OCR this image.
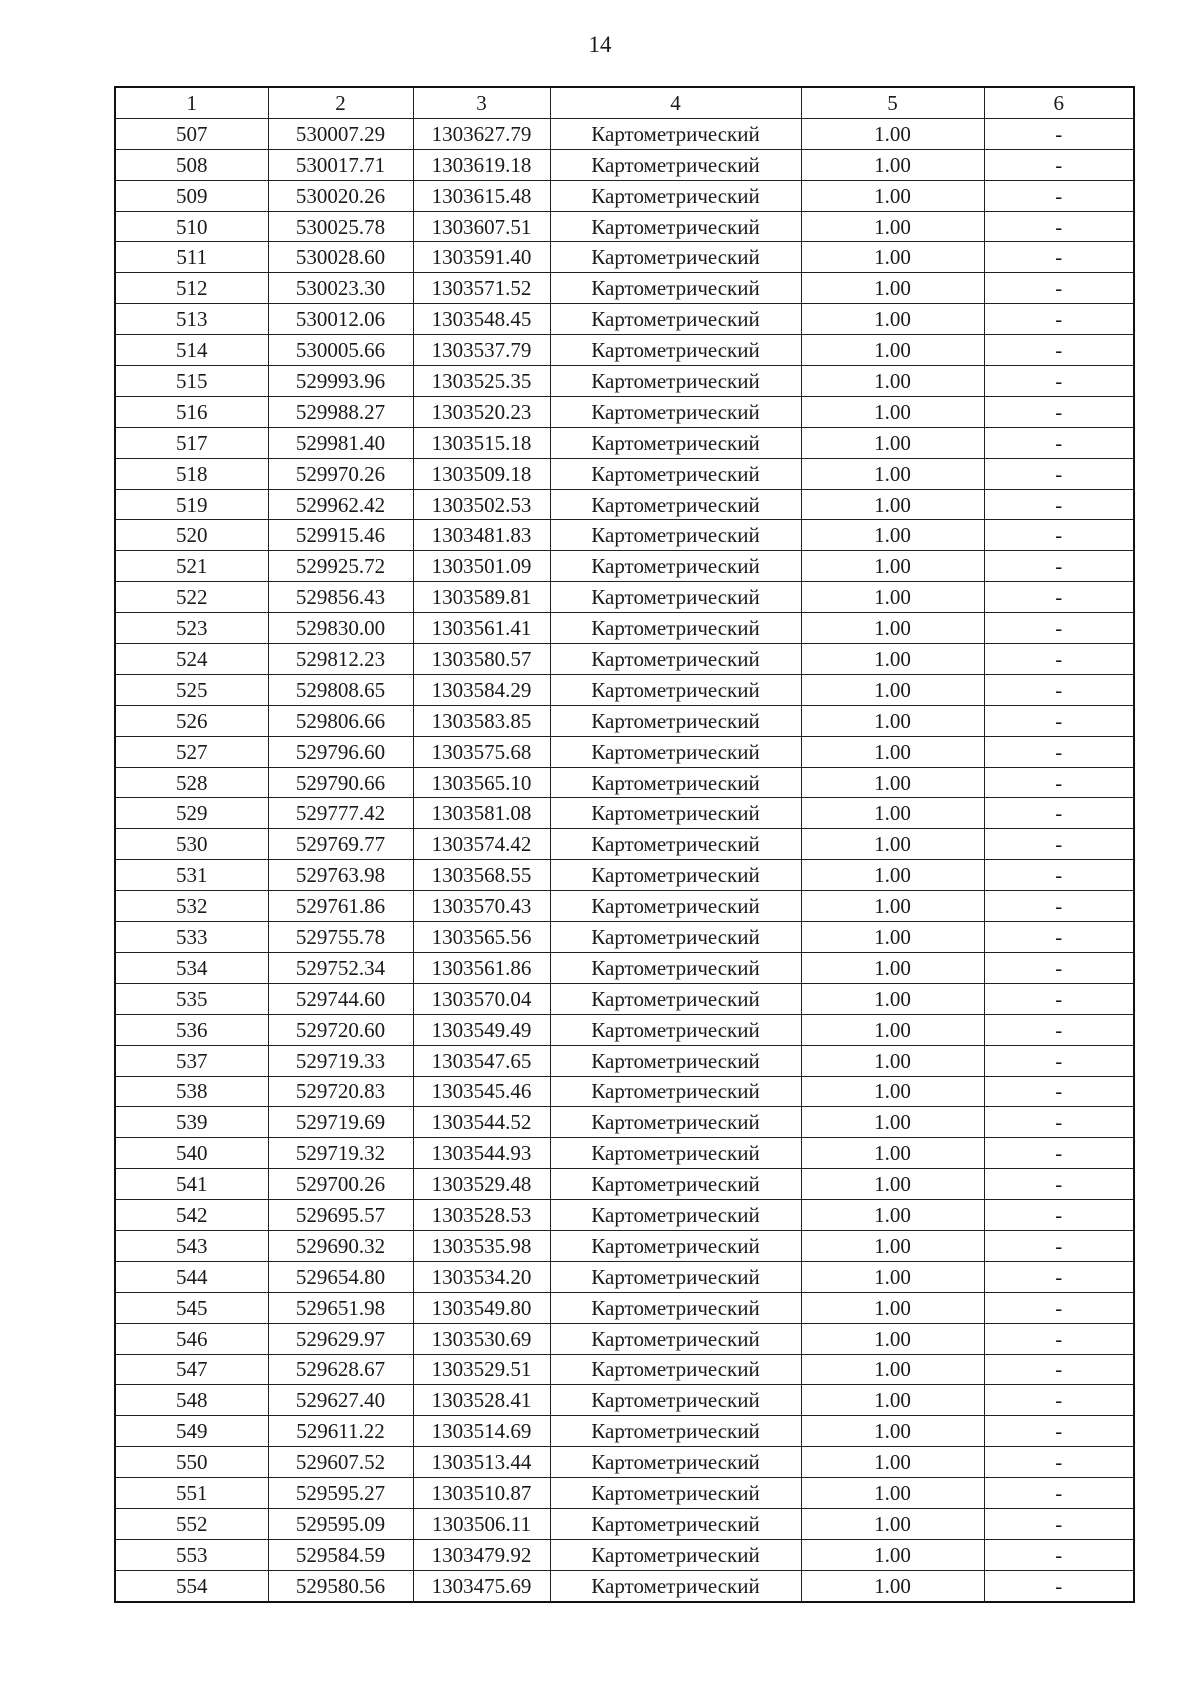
14
1	2	3	4	5	6
507	530007.29	1303627.79	Картометрический	1.00	-
508	530017.71	1303619.18	Картометрический	1.00	-
509	530020.26	1303615.48	Картометрический	1.00	-
510	530025.78	1303607.51	Картометрический	1.00	-
511	530028.60	1303591.40	Картометрический	1.00	-
512	530023.30	1303571.52	Картометрический	1.00	-
513	530012.06	1303548.45	Картометрический	1.00	-
514	530005.66	1303537.79	Картометрический	1.00	-
515	529993.96	1303525.35	Картометрический	1.00	-
516	529988.27	1303520.23	Картометрический	1.00	-
517	529981.40	1303515.18	Картометрический	1.00	-
518	529970.26	1303509.18	Картометрический	1.00	-
519	529962.42	1303502.53	Картометрический	1.00	-
520	529915.46	1303481.83	Картометрический	1.00	-
521	529925.72	1303501.09	Картометрический	1.00	-
522	529856.43	1303589.81	Картометрический	1.00	-
523	529830.00	1303561.41	Картометрический	1.00	-
524	529812.23	1303580.57	Картометрический	1.00	-
525	529808.65	1303584.29	Картометрический	1.00	-
526	529806.66	1303583.85	Картометрический	1.00	-
527	529796.60	1303575.68	Картометрический	1.00	-
528	529790.66	1303565.10	Картометрический	1.00	-
529	529777.42	1303581.08	Картометрический	1.00	-
530	529769.77	1303574.42	Картометрический	1.00	-
531	529763.98	1303568.55	Картометрический	1.00	-
532	529761.86	1303570.43	Картометрический	1.00	-
533	529755.78	1303565.56	Картометрический	1.00	-
534	529752.34	1303561.86	Картометрический	1.00	-
535	529744.60	1303570.04	Картометрический	1.00	-
536	529720.60	1303549.49	Картометрический	1.00	-
537	529719.33	1303547.65	Картометрический	1.00	-
538	529720.83	1303545.46	Картометрический	1.00	-
539	529719.69	1303544.52	Картометрический	1.00	-
540	529719.32	1303544.93	Картометрический	1.00	-
541	529700.26	1303529.48	Картометрический	1.00	-
542	529695.57	1303528.53	Картометрический	1.00	-
543	529690.32	1303535.98	Картометрический	1.00	-
544	529654.80	1303534.20	Картометрический	1.00	-
545	529651.98	1303549.80	Картометрический	1.00	-
546	529629.97	1303530.69	Картометрический	1.00	-
547	529628.67	1303529.51	Картометрический	1.00	-
548	529627.40	1303528.41	Картометрический	1.00	-
549	529611.22	1303514.69	Картометрический	1.00	-
550	529607.52	1303513.44	Картометрический	1.00	-
551	529595.27	1303510.87	Картометрический	1.00	-
552	529595.09	1303506.11	Картометрический	1.00	-
553	529584.59	1303479.92	Картометрический	1.00	-
554	529580.56	1303475.69	Картометрический	1.00	-
